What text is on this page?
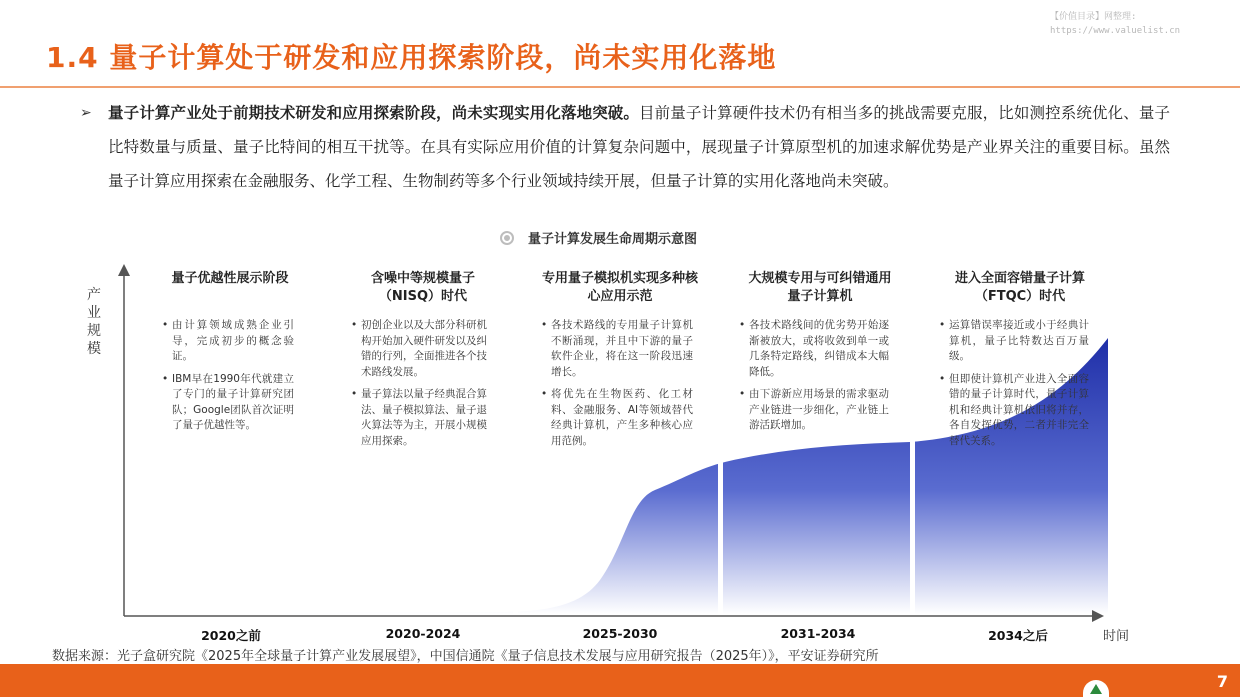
【价值目录】网整理:
https://www.valuelist.cn
1.4 量子计算处于研发和应用探索阶段，尚未实用化落地
➢ 量子计算产业处于前期技术研发和应用探索阶段，尚未实现实用化落地突破。目前量子计算硬件技术仍有相当多的挑战需要克服，比如测控系统优化、量子比特数量与质量、量子比特间的相互干扰等。在具有实际应用价值的计算复杂问题中，展现量子计算原型机的加速求解优势是产业界关注的重要目标。虽然量子计算应用探索在金融服务、化学工程、生物制药等多个行业领域持续开展，但量子计算的实用化落地尚未突破。
量子计算发展生命周期示意图
产业规模
时间
量子优越性展示阶段
• 由计算领域成熟企业引导，完成初步的概念验证。
• IBM早在1990年代就建立了专门的量子计算研究团队；Google团队首次证明了量子优越性等。
2020之前
含噪中等规模量子（NISQ）时代
• 初创企业以及大部分科研机构开始加入硬件研发以及纠错的行列，全面推进各个技术路线发展。
• 量子算法以量子经典混合算法、量子模拟算法、量子退火算法等为主，开展小规模应用探索。
2020-2024
专用量子模拟机实现多种核心应用示范
• 各技术路线的专用量子计算机不断涌现，并且中下游的量子软件企业，将在这一阶段迅速增长。
• 将优先在生物医药、化工材料、金融服务、AI等领域替代经典计算机，产生多种核心应用范例。
2025-2030
大规模专用与可纠错通用量子计算机
• 各技术路线间的优劣势开始逐渐被放大，或将收敛到单一或几条特定路线，纠错成本大幅降低。
• 由下游新应用场景的需求驱动产业链进一步细化，产业链上游活跃增加。
2031-2034
进入全面容错量子计算（FTQC）时代
• 运算错误率接近或小于经典计算机，量子比特数达百万量级。
• 但即使计算机产业进入全面容错的量子计算时代，量子计算机和经典计算机依旧将并存，各自发挥优势，二者并非完全替代关系。
2034之后
数据来源：光子盒研究院《2025年全球量子计算产业发展展望》，中国信通院《量子信息技术发展与应用研究报告（2025年）》，平安证券研究所
7
